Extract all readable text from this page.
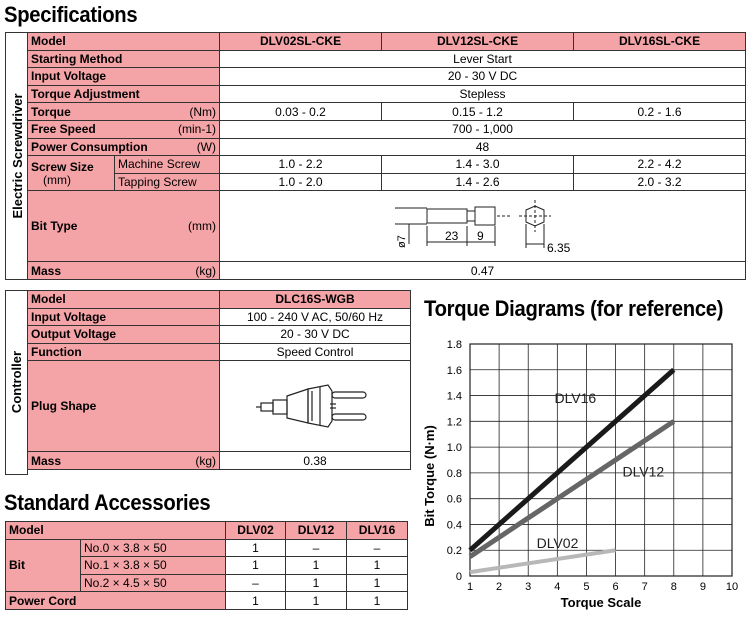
Specifications
Electric Screwdriver
Model		DLV02SL-CKE	DLV12SL-CKE	DLV16SL-CKE
Starting Method		Lever Start		
Input Voltage		20 - 30 V DC		
Torque Adjustment		Stepless		
Torque (Nm)		0.03 - 0.2	0.15 - 1.2	0.2 - 1.6
Free Speed (min-1)		700 - 1,000		
Power Consumption (W)		48		

Screw Size
(mm)	Machine Screw	1.0 - 2.2	1.4 - 3.0	2.2 - 4.2
	Tapping Screw	1.0 - 2.0	1.4 - 2.6	2.0 - 3.2
Bit Type (mm)		ø7 23 9
6.35		

Mass (kg)		0.47		
Controller
Model	DLC16S-WGB
Input Voltage	100 - 240 V AC, 50/60 Hz
Output Voltage	20 - 30 V DC
Function	Speed Control
Plug Shape	

Mass (kg)	0.38
Standard Accessories
Model		DLV02	DLV12	DLV16
Bit	No.0 × 3.8 × 50	1	–	–
	No.1 × 3.8 × 50	1	1	1
	No.2 × 4.5 × 50	–	1	1
Power Cord		1	1	1
Torque Diagrams (for reference)
1 2 3 4 5 6 7 8 9 10
0
0.2
0.4
0.6
0.8
1.0
1.2
1.4
1.6
1.8
DLV16
DLV12
DLV02
Bit Torque (N·m)
Torque Scale
